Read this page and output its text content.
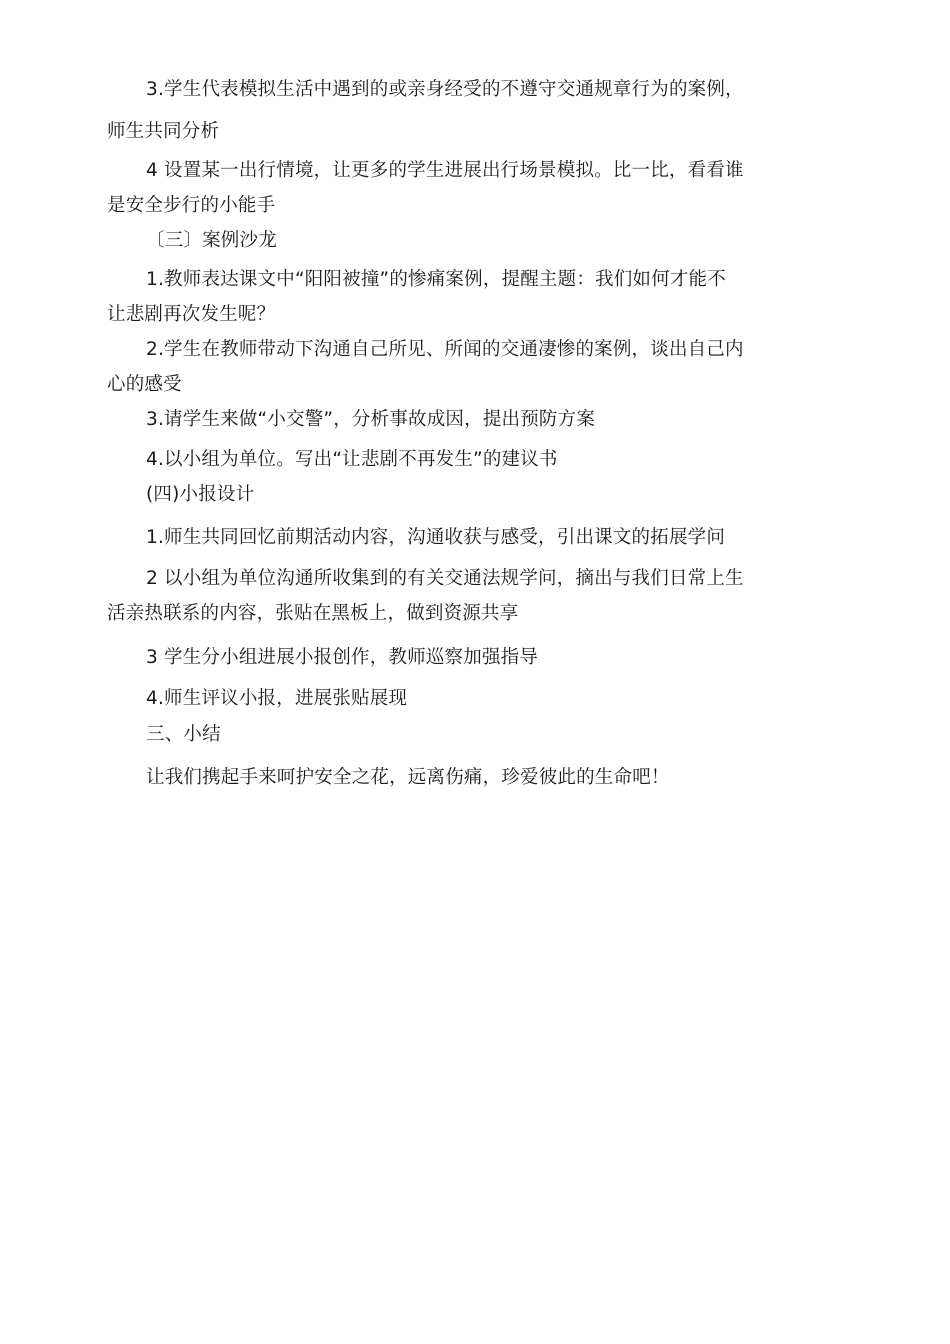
3.学生代表模拟生活中遇到的或亲身经受的不遵守交通规章行为的案例，
师生共同分析
4 设置某一出行情境，让更多的学生进展出行场景模拟。比一比，看看谁
是安全步行的小能手
〔三〕案例沙龙
1.教师表达课文中“阳阳被撞”的惨痛案例，提醒主题：我们如何才能不
让悲剧再次发生呢？
2.学生在教师带动下沟通自己所见、所闻的交通凄惨的案例，谈出自己内
心的感受
3.请学生来做“小交警”，分析事故成因，提出预防方案
4.以小组为单位。写出“让悲剧不再发生”的建议书
(四)小报设计
1.师生共同回忆前期活动内容，沟通收获与感受，引出课文的拓展学问
2 以小组为单位沟通所收集到的有关交通法规学问，摘出与我们日常上生
活亲热联系的内容，张贴在黑板上，做到资源共享
3 学生分小组进展小报创作，教师巡察加强指导
4.师生评议小报，进展张贴展现
三、小结
让我们携起手来呵护安全之花，远离伤痛，珍爱彼此的生命吧！
